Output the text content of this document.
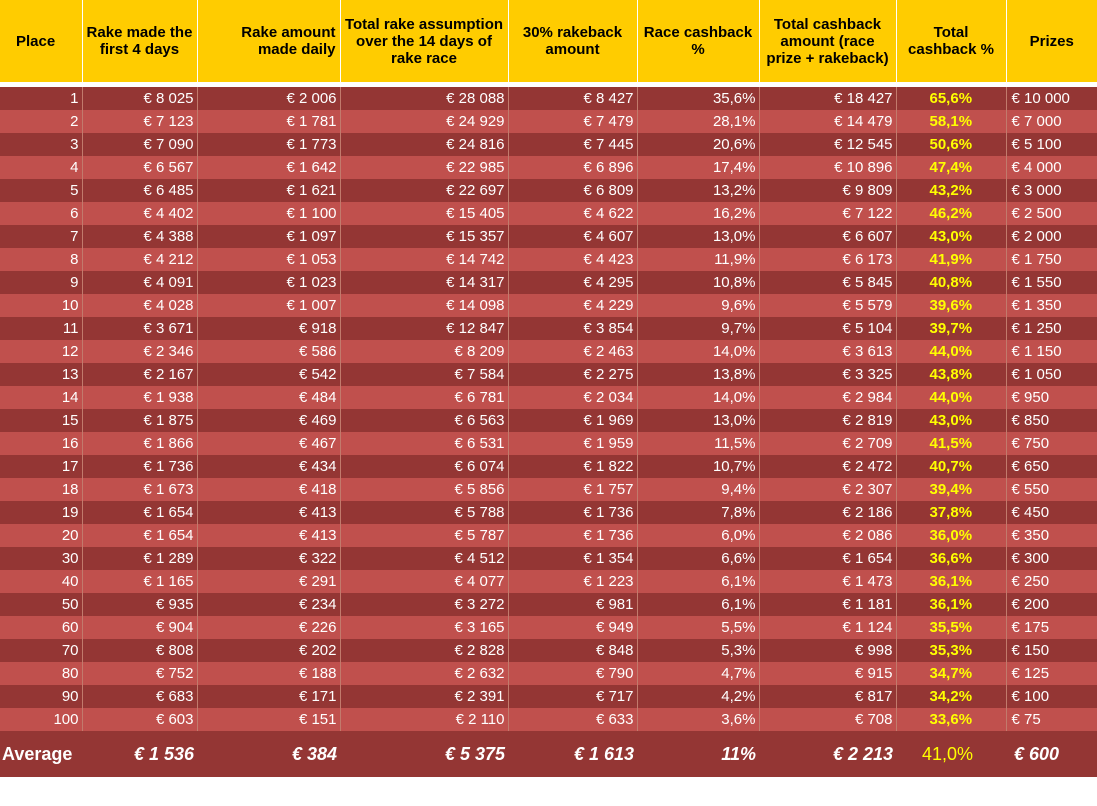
Place	Rake made the first 4 days	Rake amount made daily	Total rake assumption over the 14 days of rake race	30% rakeback amount	Race cashback %	Total cashback amount (race prize + rakeback)	Total cashback %	Prizes

1	€ 8 025	€ 2 006	€ 28 088	€ 8 427	35,6%	€ 18 427	65,6%	€ 10 000
2	€ 7 123	€ 1 781	€ 24 929	€ 7 479	28,1%	€ 14 479	58,1%	€ 7 000
3	€ 7 090	€ 1 773	€ 24 816	€ 7 445	20,6%	€ 12 545	50,6%	€ 5 100
4	€ 6 567	€ 1 642	€ 22 985	€ 6 896	17,4%	€ 10 896	47,4%	€ 4 000
5	€ 6 485	€ 1 621	€ 22 697	€ 6 809	13,2%	€ 9 809	43,2%	€ 3 000
6	€ 4 402	€ 1 100	€ 15 405	€ 4 622	16,2%	€ 7 122	46,2%	€ 2 500
7	€ 4 388	€ 1 097	€ 15 357	€ 4 607	13,0%	€ 6 607	43,0%	€ 2 000
8	€ 4 212	€ 1 053	€ 14 742	€ 4 423	11,9%	€ 6 173	41,9%	€ 1 750
9	€ 4 091	€ 1 023	€ 14 317	€ 4 295	10,8%	€ 5 845	40,8%	€ 1 550
10	€ 4 028	€ 1 007	€ 14 098	€ 4 229	9,6%	€ 5 579	39,6%	€ 1 350
11	€ 3 671	€ 918	€ 12 847	€ 3 854	9,7%	€ 5 104	39,7%	€ 1 250
12	€ 2 346	€ 586	€ 8 209	€ 2 463	14,0%	€ 3 613	44,0%	€ 1 150
13	€ 2 167	€ 542	€ 7 584	€ 2 275	13,8%	€ 3 325	43,8%	€ 1 050
14	€ 1 938	€ 484	€ 6 781	€ 2 034	14,0%	€ 2 984	44,0%	€ 950
15	€ 1 875	€ 469	€ 6 563	€ 1 969	13,0%	€ 2 819	43,0%	€ 850
16	€ 1 866	€ 467	€ 6 531	€ 1 959	11,5%	€ 2 709	41,5%	€ 750
17	€ 1 736	€ 434	€ 6 074	€ 1 822	10,7%	€ 2 472	40,7%	€ 650
18	€ 1 673	€ 418	€ 5 856	€ 1 757	9,4%	€ 2 307	39,4%	€ 550
19	€ 1 654	€ 413	€ 5 788	€ 1 736	7,8%	€ 2 186	37,8%	€ 450
20	€ 1 654	€ 413	€ 5 787	€ 1 736	6,0%	€ 2 086	36,0%	€ 350
30	€ 1 289	€ 322	€ 4 512	€ 1 354	6,6%	€ 1 654	36,6%	€ 300
40	€ 1 165	€ 291	€ 4 077	€ 1 223	6,1%	€ 1 473	36,1%	€ 250
50	€ 935	€ 234	€ 3 272	€ 981	6,1%	€ 1 181	36,1%	€ 200
60	€ 904	€ 226	€ 3 165	€ 949	5,5%	€ 1 124	35,5%	€ 175
70	€ 808	€ 202	€ 2 828	€ 848	5,3%	€ 998	35,3%	€ 150
80	€ 752	€ 188	€ 2 632	€ 790	4,7%	€ 915	34,7%	€ 125
90	€ 683	€ 171	€ 2 391	€ 717	4,2%	€ 817	34,2%	€ 100
100	€ 603	€ 151	€ 2 110	€ 633	3,6%	€ 708	33,6%	€ 75
Average	€ 1 536	€ 384	€ 5 375	€ 1 613	11%	€ 2 213	41,0%	€ 600
